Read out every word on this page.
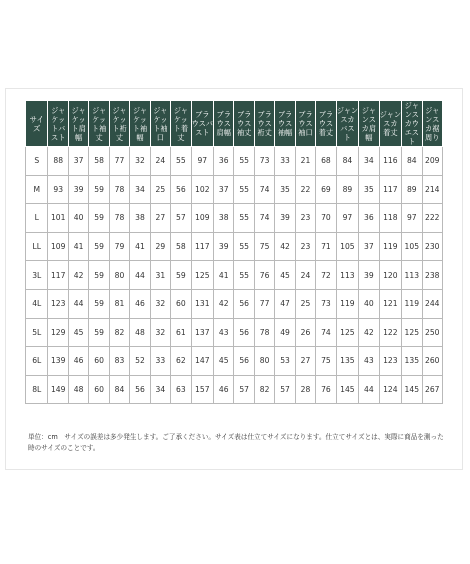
サイズ	ジャケットバスト	ジャケット肩幅	ジャケット袖丈	ジャケット裄丈	ジャケット袖幅	ジャケット袖口	ジャケット着丈	ブラウスバスト	ブラウス肩幅	ブラウス袖丈	ブラウス裄丈	ブラウス袖幅	ブラウス袖口	ブラウス着丈	ジャンスカバスト	ジャンスカ肩幅	ジャンスカ着丈	ジャンスカウエスト	ジャンスカ裾周り
S	88	37	58	77	32	24	55	97	36	55	73	33	21	68	84	34	116	84	209
M	93	39	59	78	34	25	56	102	37	55	74	35	22	69	89	35	117	89	214
L	101	40	59	78	38	27	57	109	38	55	74	39	23	70	97	36	118	97	222
LL	109	41	59	79	41	29	58	117	39	55	75	42	23	71	105	37	119	105	230
3L	117	42	59	80	44	31	59	125	41	55	76	45	24	72	113	39	120	113	238
4L	123	44	59	81	46	32	60	131	42	56	77	47	25	73	119	40	121	119	244
5L	129	45	59	82	48	32	61	137	43	56	78	49	26	74	125	42	122	125	250
6L	139	46	60	83	52	33	62	147	45	56	80	53	27	75	135	43	123	135	260
8L	149	48	60	84	56	34	63	157	46	57	82	57	28	76	145	44	124	145	267
単位：cm　サイズの誤差は多少発生します。ご了承ください。サイズ表は仕立てサイズになります。仕立てサイズとは、実際に商品を測った時のサイズのことです。
